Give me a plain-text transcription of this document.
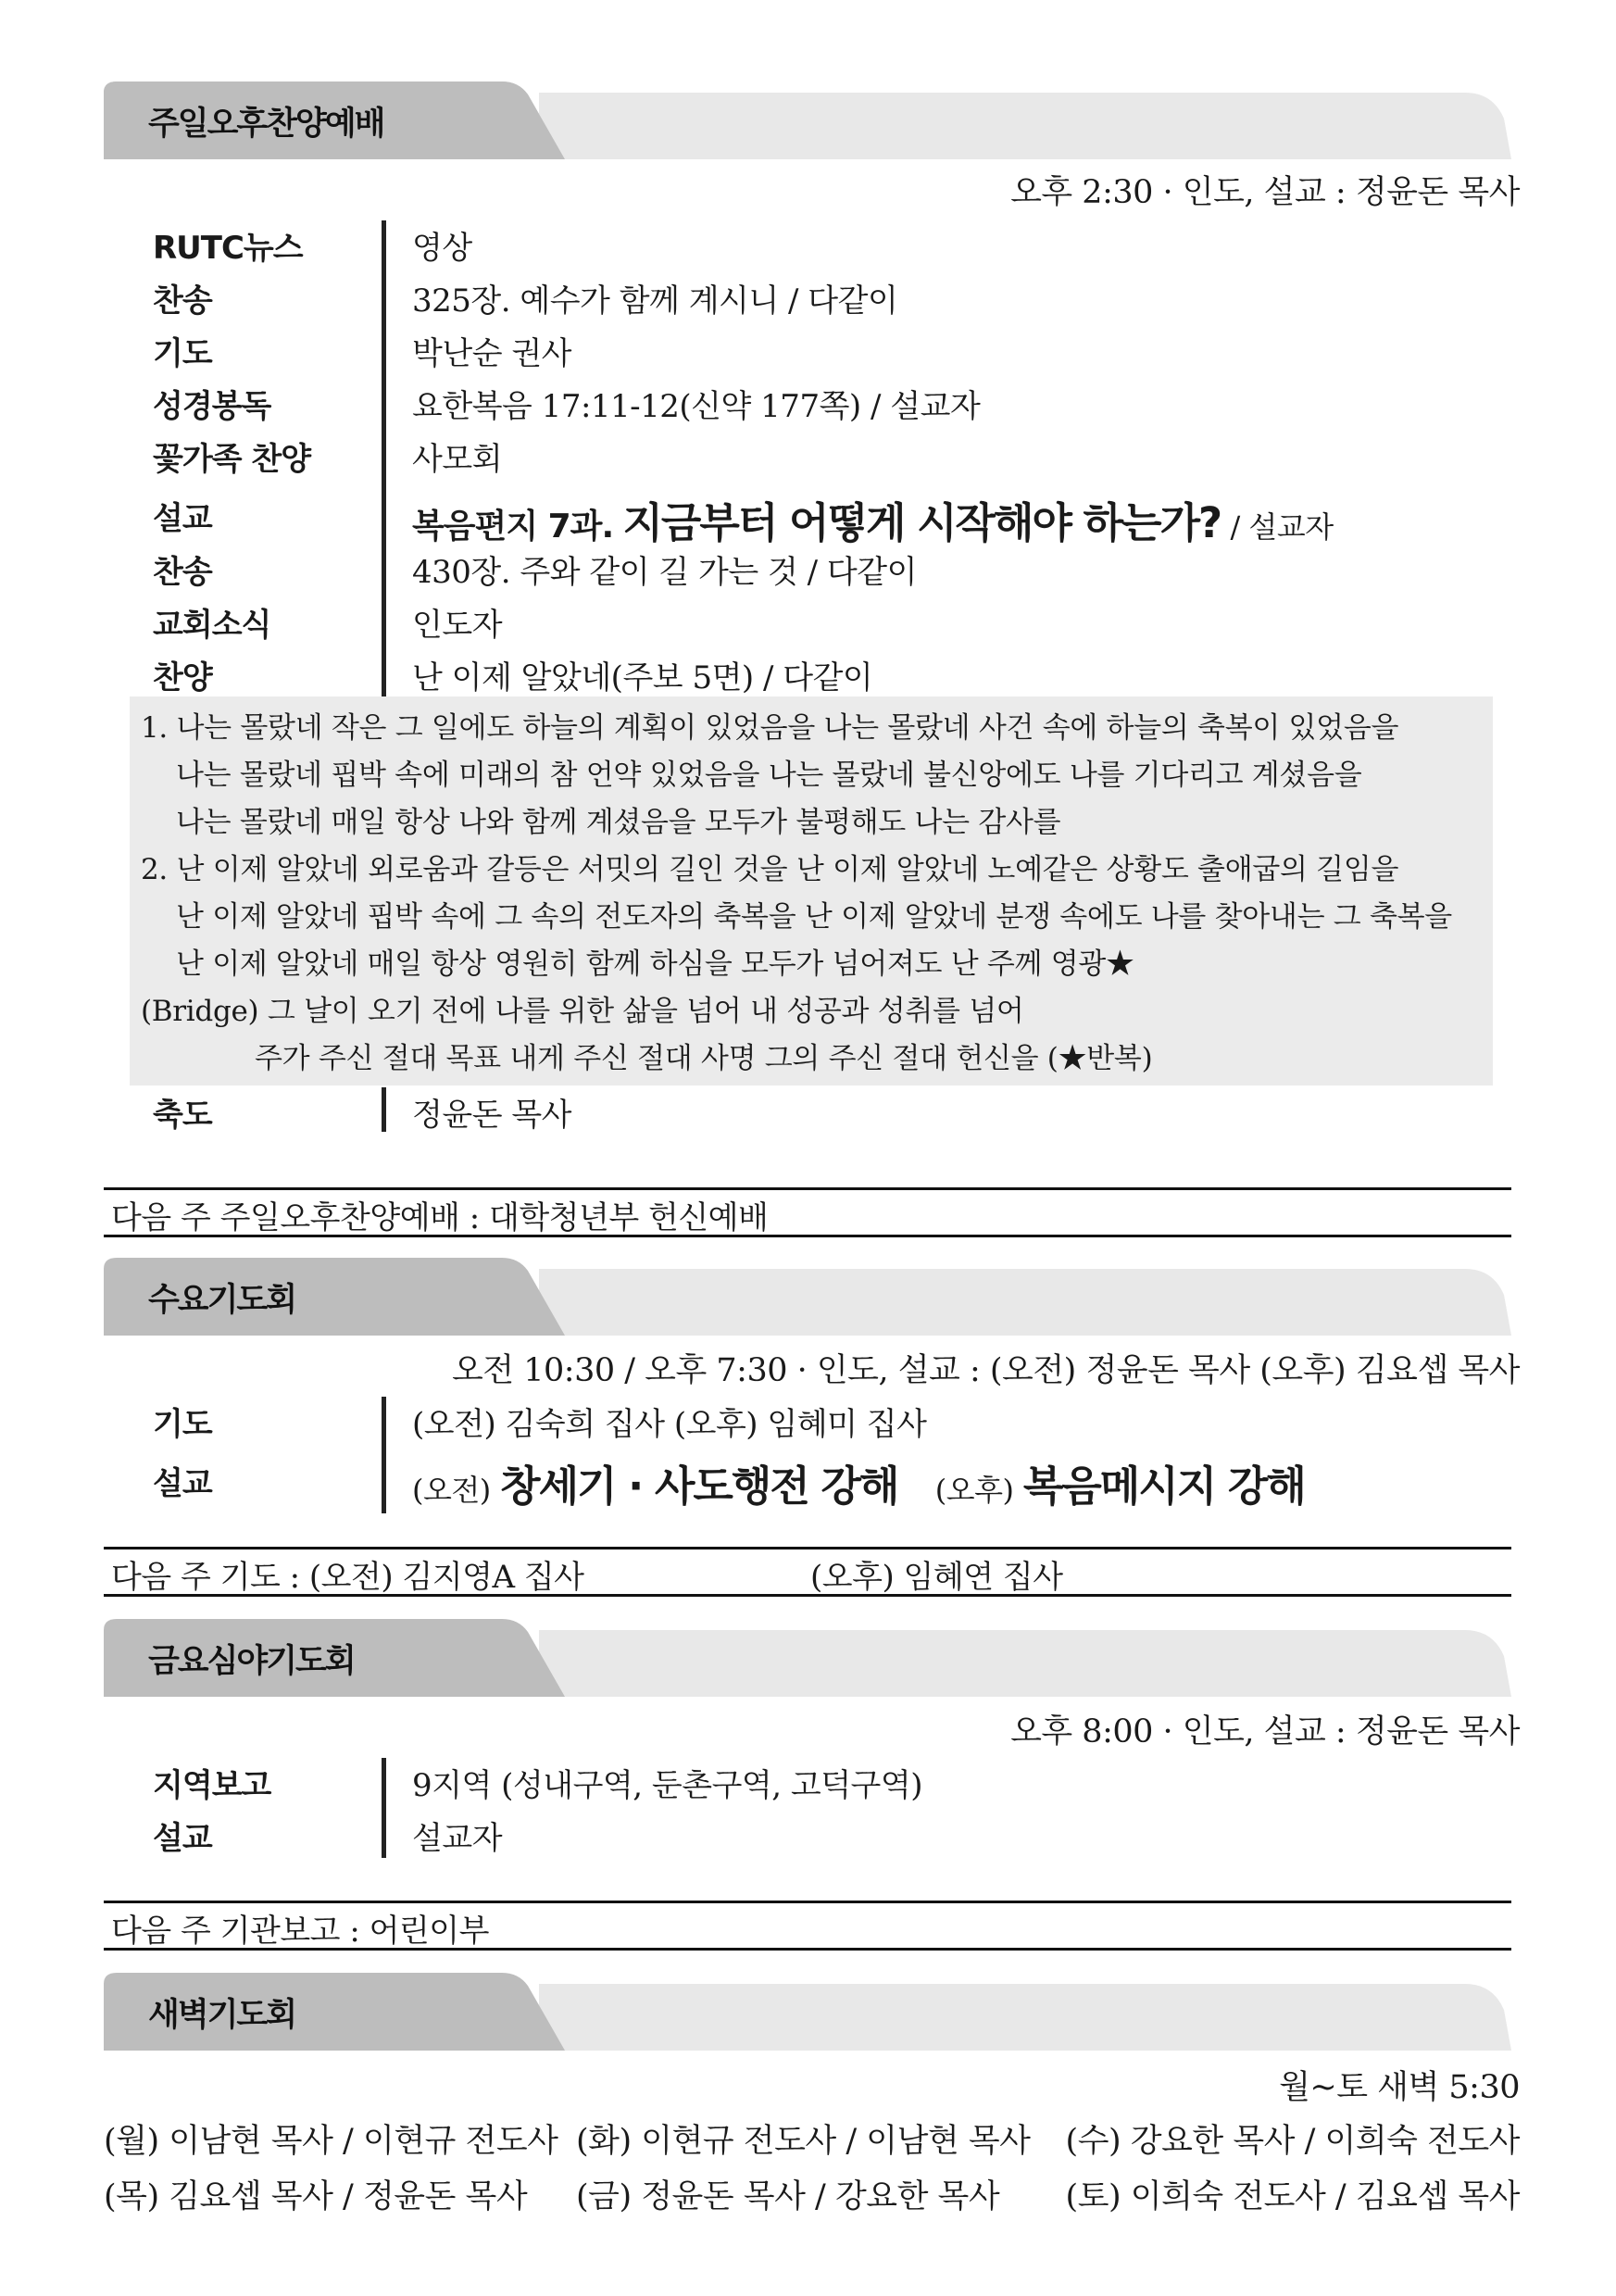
주일오후찬양예배
오후 2:30 · 인도, 설교 : 정윤돈 목사
RUTC뉴스	영상
찬송	325장. 예수가 함께 계시니 / 다같이
기도	박난순 권사
성경봉독	요한복음 17:11-12(신약 177쪽) / 설교자
꽃가족 찬양	사모회
설교	복음편지 7과. 지금부터 어떻게 시작해야 하는가? / 설교자
찬송	430장. 주와 같이 길 가는 것 / 다같이
교회소식	인도자
찬양	난 이제 알았네(주보 5면) / 다같이
1. 나는 몰랐네 작은 그 일에도 하늘의 계획이 있었음을 나는 몰랐네 사건 속에 하늘의 축복이 있었음을
나는 몰랐네 핍박 속에 미래의 참 언약 있었음을 나는 몰랐네 불신앙에도 나를 기다리고 계셨음을
나는 몰랐네 매일 항상 나와 함께 계셨음을 모두가 불평해도 나는 감사를
2. 난 이제 알았네 외로움과 갈등은 서밋의 길인 것을 난 이제 알았네 노예같은 상황도 출애굽의 길임을
난 이제 알았네 핍박 속에 그 속의 전도자의 축복을 난 이제 알았네 분쟁 속에도 나를 찾아내는 그 축복을
난 이제 알았네 매일 항상 영원히 함께 하심을 모두가 넘어져도 난 주께 영광★
(Bridge) 그 날이 오기 전에 나를 위한 삶을 넘어 내 성공과 성취를 넘어
주가 주신 절대 목표 내게 주신 절대 사명 그의 주신 절대 헌신을 (★반복)
축도	정윤돈 목사
다음 주 주일오후찬양예배 : 대학청년부 헌신예배
수요기도회
오전 10:30 / 오후 7:30 · 인도, 설교 : (오전) 정윤돈 목사 (오후) 김요셉 목사
기도	(오전) 김숙희 집사 (오후) 임혜미 집사
설교	(오전) 창세기 · 사도행전 강해 (오후) 복음메시지 강해
다음 주 기도 : (오전) 김지영A 집사	(오후) 임혜연 집사
금요심야기도회
오후 8:00 · 인도, 설교 : 정윤돈 목사
지역보고	9지역 (성내구역, 둔촌구역, 고덕구역)
설교	설교자
다음 주 기관보고 : 어린이부
새벽기도회
월~토 새벽 5:30
(월) 이남현 목사 / 이현규 전도사 (화) 이현규 전도사 / 이남현 목사 (수) 강요한 목사 / 이희숙 전도사
(목) 김요셉 목사 / 정윤돈 목사 (금) 정윤돈 목사 / 강요한 목사 (토) 이희숙 전도사 / 김요셉 목사
